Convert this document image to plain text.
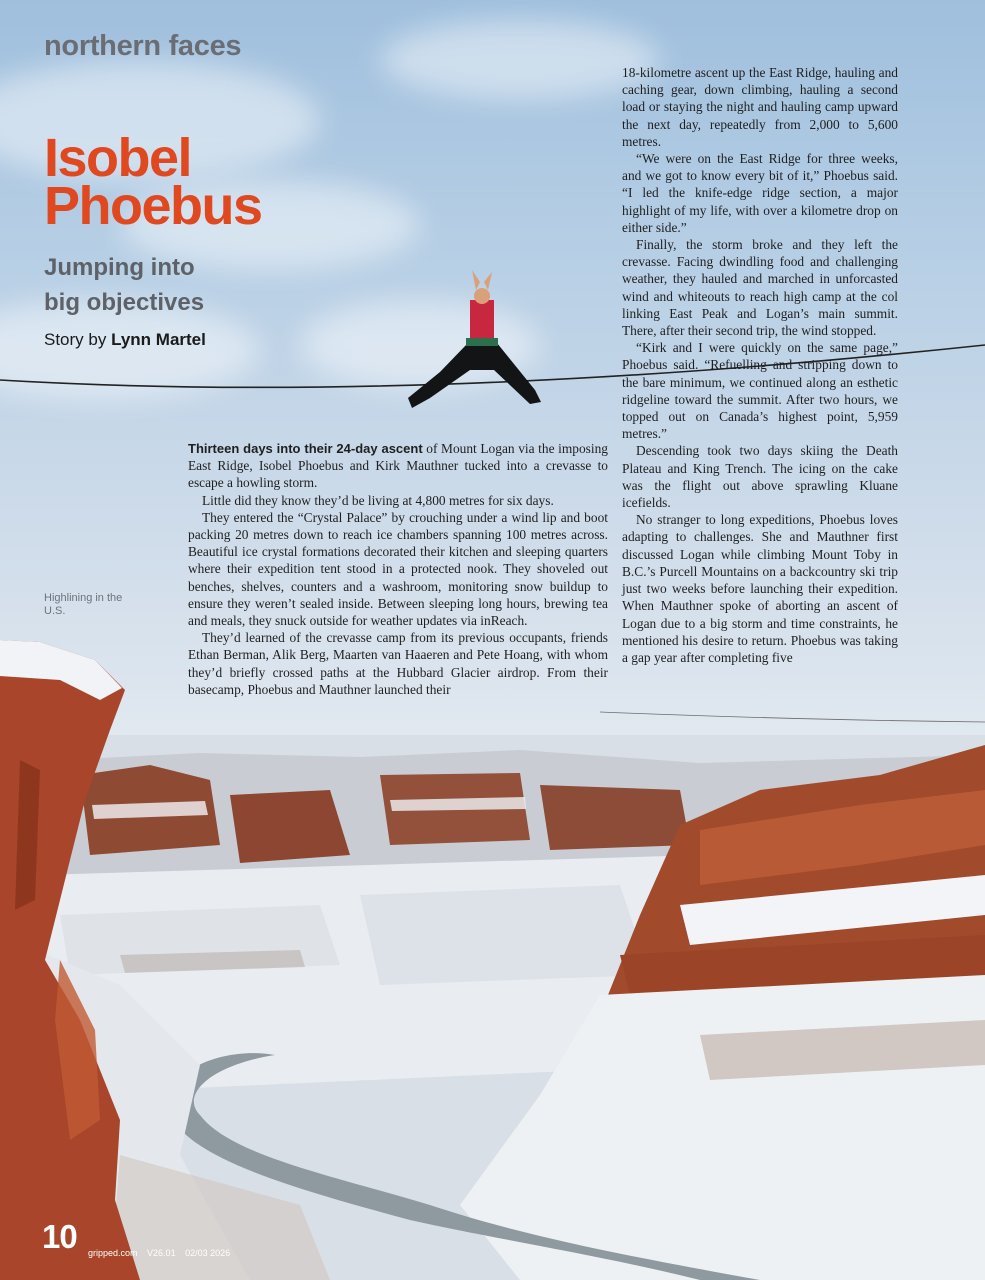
northern faces
Isobel
Phoebus
Jumping into
big objectives
Story by Lynn Martel
Highlining in the U.S.

Thirteen days into their 24-day ascent of Mount Logan via the imposing East Ridge, Isobel Phoebus and Kirk Mauthner tucked into a crevasse to escape a howling storm.

Little did they know they’d be living at 4,800 metres for six days.

They entered the “Crystal Palace” by crouching under a wind lip and boot packing 20 metres down to reach ice chambers spanning 100 metres across. Beautiful ice crystal formations decorated their kitchen and sleeping quarters where their expedition tent stood in a protected nook. They shoveled out benches, shelves, counters and a washroom, monitoring snow buildup to ensure they weren’t sealed inside. Between sleeping long hours, brewing tea and meals, they snuck outside for weather updates via inReach.

They’d learned of the crevasse camp from its previous occupants, friends Ethan Berman, Alik Berg, Maarten van Haaeren and Pete Hoang, with whom they’d briefly crossed paths at the Hubbard Glacier airdrop. From their basecamp, Phoebus and Mauthner launched their

18-kilometre ascent up the East Ridge, hauling and caching gear, down climbing, hauling a second load or staying the night and hauling camp upward the next day, repeatedly from 2,000 to 5,600 metres.

“We were on the East Ridge for three weeks, and we got to know every bit of it,” Phoebus said. “I led the knife-edge ridge section, a major highlight of my life, with over a kilometre drop on either side.”

Finally, the storm broke and they left the crevasse. Facing dwindling food and challenging weather, they hauled and marched in unforcasted wind and whiteouts to reach high camp at the col linking East Peak and Logan’s main summit. There, after their second trip, the wind stopped.

“Kirk and I were quickly on the same page,” Phoebus said. “Refuelling and stripping down to the bare minimum, we continued along an esthetic ridgeline toward the summit. After two hours, we topped out on Canada’s highest point, 5,959 metres.”

Descending took two days skiing the Death Plateau and King Trench. The icing on the cake was the flight out above sprawling Kluane icefields.

No stranger to long expeditions, Phoebus loves adapting to challenges. She and Mauthner first discussed Logan while climbing Mount Toby in B.C.’s Purcell Mountains on a backcountry ski trip just two weeks before launching their expedition. When Mauthner spoke of aborting an ascent of Logan due to a big storm and time constraints, he mentioned his desire to return. Phoebus was taking a gap year after completing five

10 gripped.com V26.01 02/03 2026
